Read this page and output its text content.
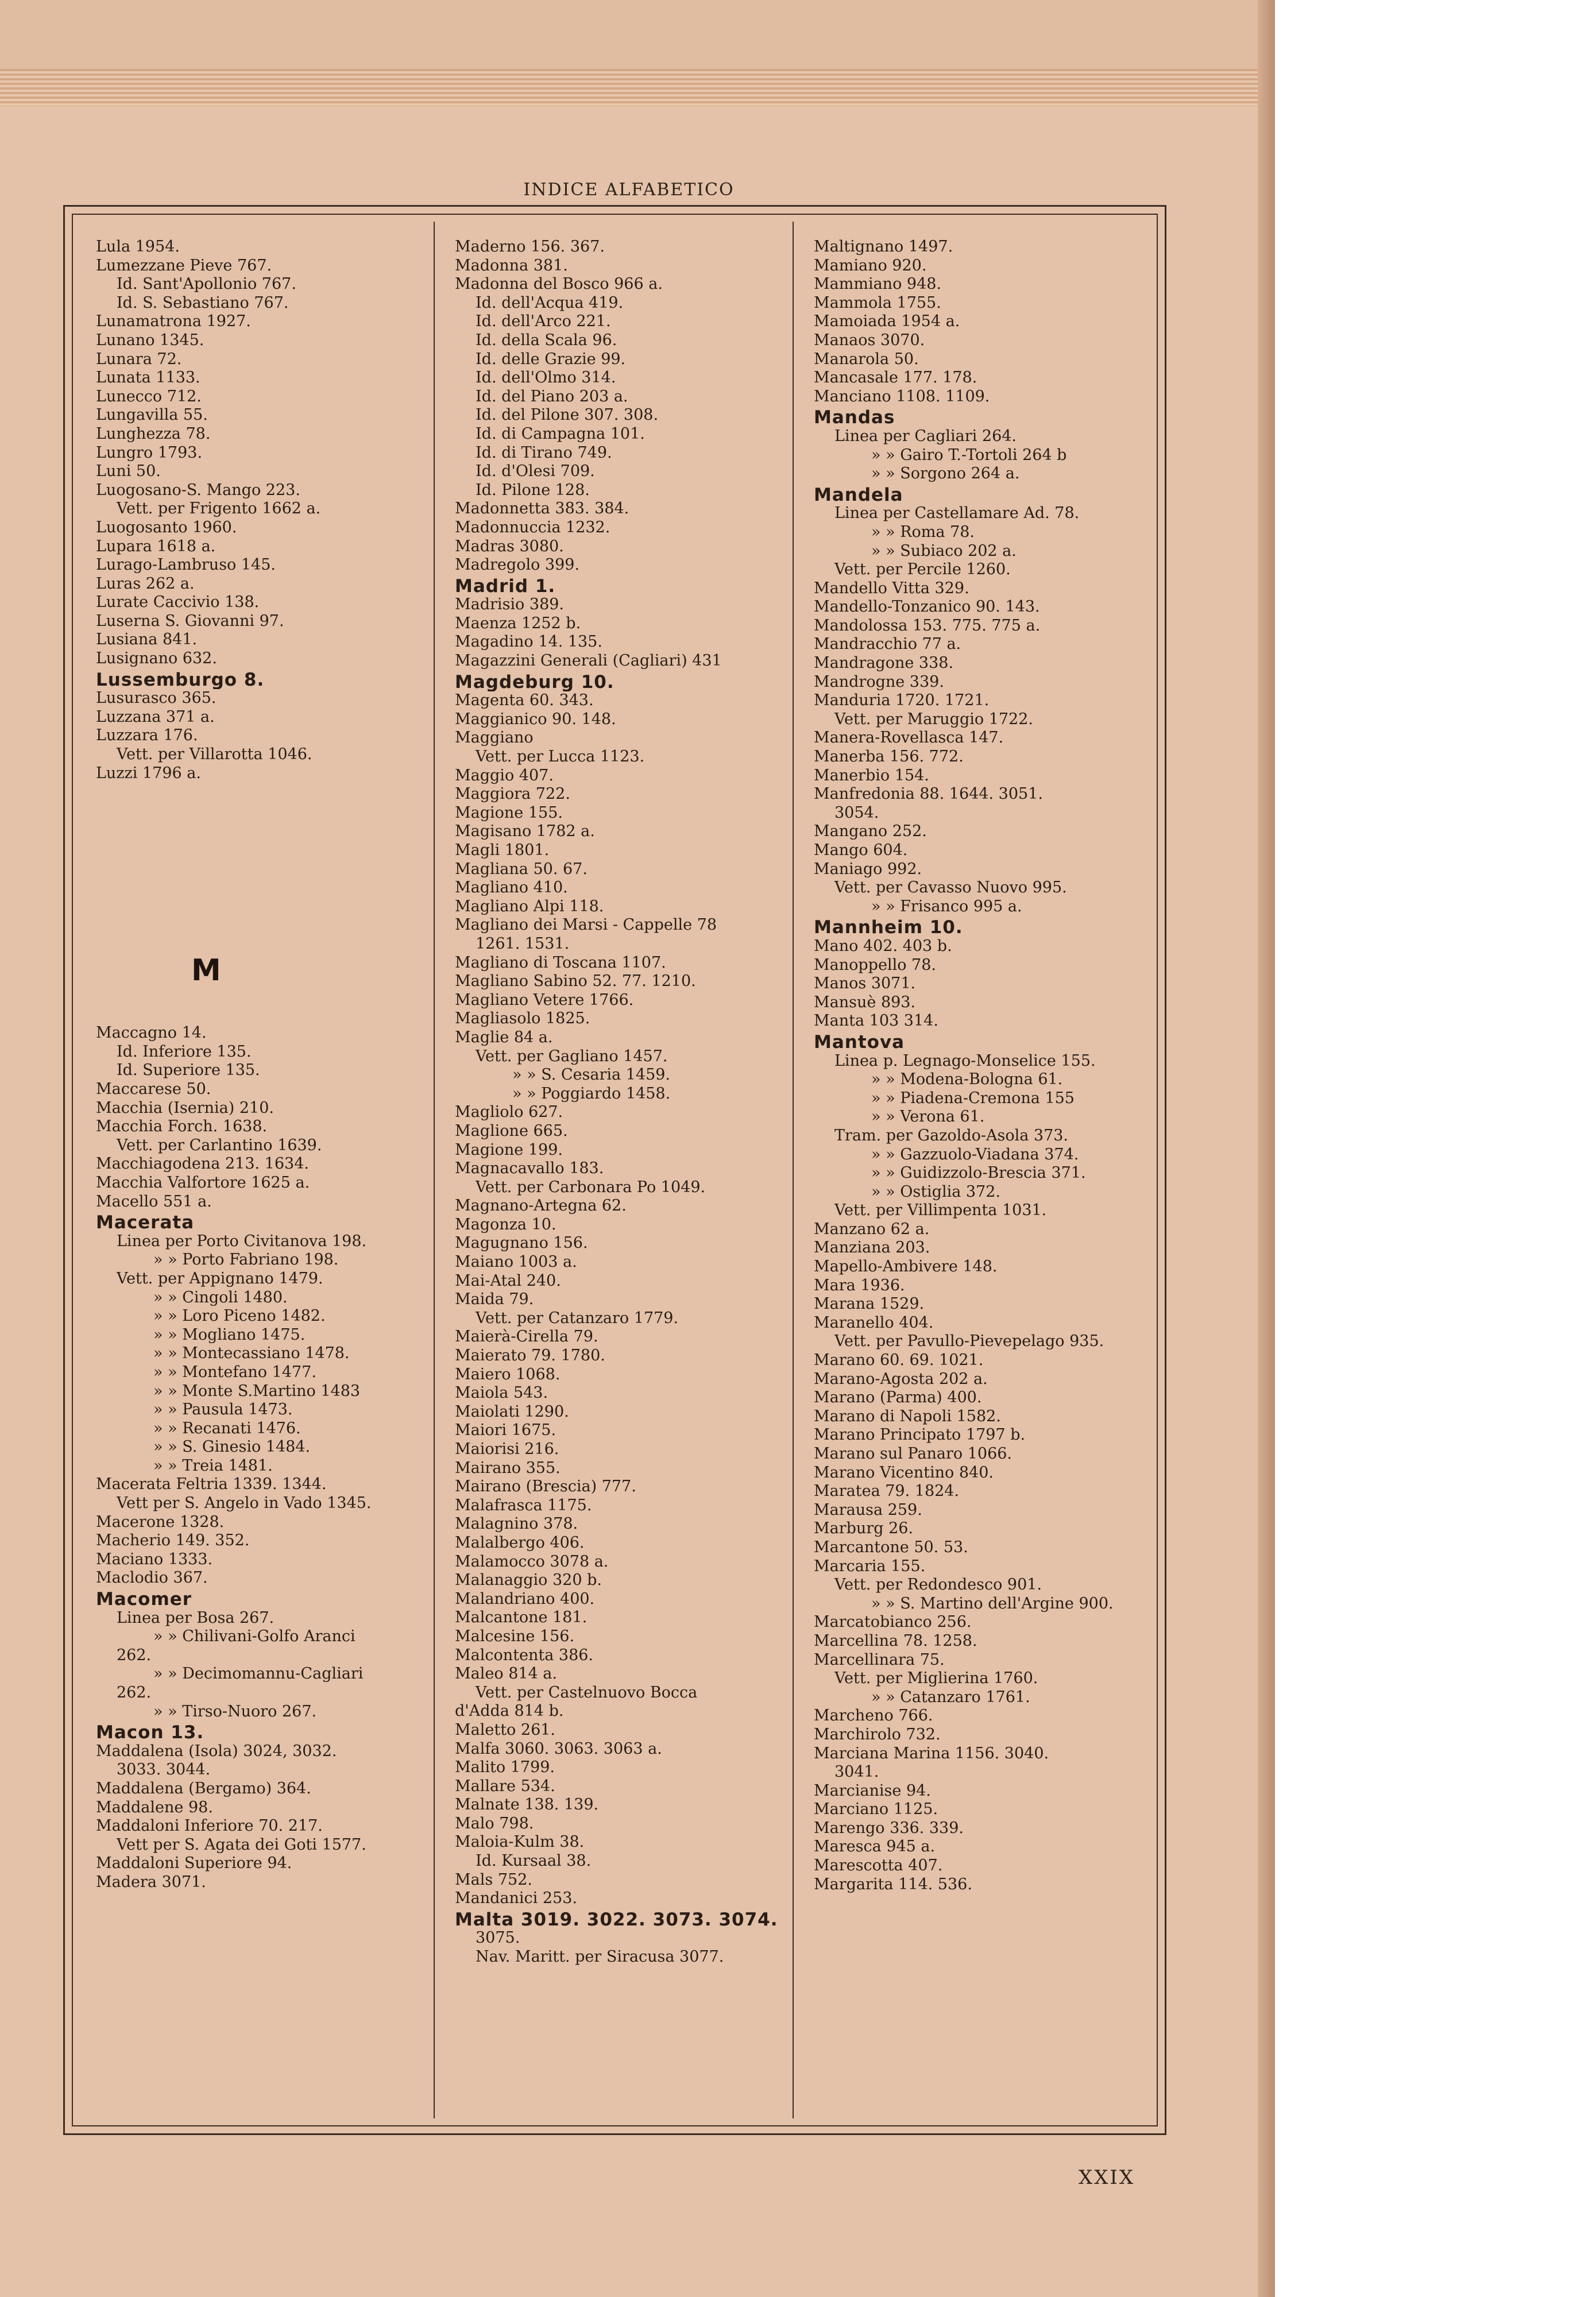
INDICE ALFABETICO
Lula 1954.
Lumezzane Pieve 767.
Id. Sant'Apollonio 767.
Id. S. Sebastiano 767.
Lunamatrona 1927.
Lunano 1345.
Lunara 72.
Lunata 1133.
Lunecco 712.
Lungavilla 55.
Lunghezza 78.
Lungro 1793.
Luni 50.
Luogosano-S. Mango 223.
Vett. per Frigento 1662 a.
Luogosanto 1960.
Lupara 1618 a.
Lurago-Lambruso 145.
Luras 262 a.
Lurate Caccivio 138.
Luserna S. Giovanni 97.
Lusiana 841.
Lusignano 632.
Lussemburgo 8.
Lusurasco 365.
Luzzana 371 a.
Luzzara 176.
Vett. per Villarotta 1046.
Luzzi 1796 a.
Maccagno 14.
Id. Inferiore 135.
Id. Superiore 135.
Maccarese 50.
Macchia (Isernia) 210.
Macchia Forch. 1638.
Vett. per Carlantino 1639.
Macchiagodena 213. 1634.
Macchia Valfortore 1625 a.
Macello 551 a.
Macerata
Linea per Porto Civitanova 198.
» » Porto Fabriano 198.
Vett. per Appignano 1479.
» » Cingoli 1480.
» » Loro Piceno 1482.
» » Mogliano 1475.
» » Montecassiano 1478.
» » Montefano 1477.
» » Monte S.Martino 1483
» » Pausula 1473.
» » Recanati 1476.
» » S. Ginesio 1484.
» » Treia 1481.
Macerata Feltria 1339. 1344.
Vett per S. Angelo in Vado 1345.
Macerone 1328.
Macherio 149. 352.
Maciano 1333.
Maclodio 367.
Macomer
Linea per Bosa 267.
» » Chilivani-Golfo Aranci
262.
» » Decimomannu-Cagliari
262.
» » Tirso-Nuoro 267.
Macon 13.
Maddalena (Isola) 3024, 3032.
3033. 3044.
Maddalena (Bergamo) 364.
Maddalene 98.
Maddaloni Inferiore 70. 217.
Vett per S. Agata dei Goti 1577.
Maddaloni Superiore 94.
Madera 3071.
Maderno 156. 367.
Madonna 381.
Madonna del Bosco 966 a.
Id. dell'Acqua 419.
Id. dell'Arco 221.
Id. della Scala 96.
Id. delle Grazie 99.
Id. dell'Olmo 314.
Id. del Piano 203 a.
Id. del Pilone 307. 308.
Id. di Campagna 101.
Id. di Tirano 749.
Id. d'Olesi 709.
Id. Pilone 128.
Madonnetta 383. 384.
Madonnuccia 1232.
Madras 3080.
Madregolo 399.
Madrid 1.
Madrisio 389.
Maenza 1252 b.
Magadino 14. 135.
Magazzini Generali (Cagliari) 431
Magdeburg 10.
Magenta 60. 343.
Maggianico 90. 148.
Maggiano
Vett. per Lucca 1123.
Maggio 407.
Maggiora 722.
Magione 155.
Magisano 1782 a.
Magli 1801.
Magliana 50. 67.
Magliano 410.
Magliano Alpi 118.
Magliano dei Marsi - Cappelle 78
1261. 1531.
Magliano di Toscana 1107.
Magliano Sabino 52. 77. 1210.
Magliano Vetere 1766.
Magliasolo 1825.
Maglie 84 a.
Vett. per Gagliano 1457.
» » S. Cesaria 1459.
» » Poggiardo 1458.
Magliolo 627.
Maglione 665.
Magione 199.
Magnacavallo 183.
Vett. per Carbonara Po 1049.
Magnano-Artegna 62.
Magonza 10.
Magugnano 156.
Maiano 1003 a.
Mai-Atal 240.
Maida 79.
Vett. per Catanzaro 1779.
Maierà-Cirella 79.
Maierato 79. 1780.
Maiero 1068.
Maiola 543.
Maiolati 1290.
Maiori 1675.
Maiorisi 216.
Mairano 355.
Mairano (Brescia) 777.
Malafrasca 1175.
Malagnino 378.
Malalbergo 406.
Malamocco 3078 a.
Malanaggio 320 b.
Malandriano 400.
Malcantone 181.
Malcesine 156.
Malcontenta 386.
Maleo 814 a.
Vett. per Castelnuovo Bocca
d'Adda 814 b.
Maletto 261.
Malfa 3060. 3063. 3063 a.
Malito 1799.
Mallare 534.
Malnate 138. 139.
Malo 798.
Maloia-Kulm 38.
Id. Kursaal 38.
Mals 752.
Mandanici 253.
Malta 3019. 3022. 3073. 3074.
3075.
Nav. Maritt. per Siracusa 3077.
Maltignano 1497.
Mamiano 920.
Mammiano 948.
Mammola 1755.
Mamoiada 1954 a.
Manaos 3070.
Manarola 50.
Mancasale 177. 178.
Manciano 1108. 1109.
Mandas
Linea per Cagliari 264.
» » Gairo T.-Tortoli 264 b
» » Sorgono 264 a.
Mandela
Linea per Castellamare Ad. 78.
» » Roma 78.
» » Subiaco 202 a.
Vett. per Percile 1260.
Mandello Vitta 329.
Mandello-Tonzanico 90. 143.
Mandolossa 153. 775. 775 a.
Mandracchio 77 a.
Mandragone 338.
Mandrogne 339.
Manduria 1720. 1721.
Vett. per Maruggio 1722.
Manera-Rovellasca 147.
Manerba 156. 772.
Manerbio 154.
Manfredonia 88. 1644. 3051.
3054.
Mangano 252.
Mango 604.
Maniago 992.
Vett. per Cavasso Nuovo 995.
» » Frisanco 995 a.
Mannheim 10.
Mano 402. 403 b.
Manoppello 78.
Manos 3071.
Mansuè 893.
Manta 103 314.
Mantova
Linea p. Legnago-Monselice 155.
» » Modena-Bologna 61.
» » Piadena-Cremona 155
» » Verona 61.
Tram. per Gazoldo-Asola 373.
» » Gazzuolo-Viadana 374.
» » Guidizzolo-Brescia 371.
» » Ostiglia 372.
Vett. per Villimpenta 1031.
Manzano 62 a.
Manziana 203.
Mapello-Ambivere 148.
Mara 1936.
Marana 1529.
Maranello 404.
Vett. per Pavullo-Pievepelago 935.
Marano 60. 69. 1021.
Marano-Agosta 202 a.
Marano (Parma) 400.
Marano di Napoli 1582.
Marano Principato 1797 b.
Marano sul Panaro 1066.
Marano Vicentino 840.
Maratea 79. 1824.
Marausa 259.
Marburg 26.
Marcantone 50. 53.
Marcaria 155.
Vett. per Redondesco 901.
» » S. Martino dell'Argine 900.
Marcatobianco 256.
Marcellina 78. 1258.
Marcellinara 75.
Vett. per Miglierina 1760.
» » Catanzaro 1761.
Marcheno 766.
Marchirolo 732.
Marciana Marina 1156. 3040.
3041.
Marcianise 94.
Marciano 1125.
Marengo 336. 339.
Maresca 945 a.
Marescotta 407.
Margarita 114. 536.
M
XXIX
